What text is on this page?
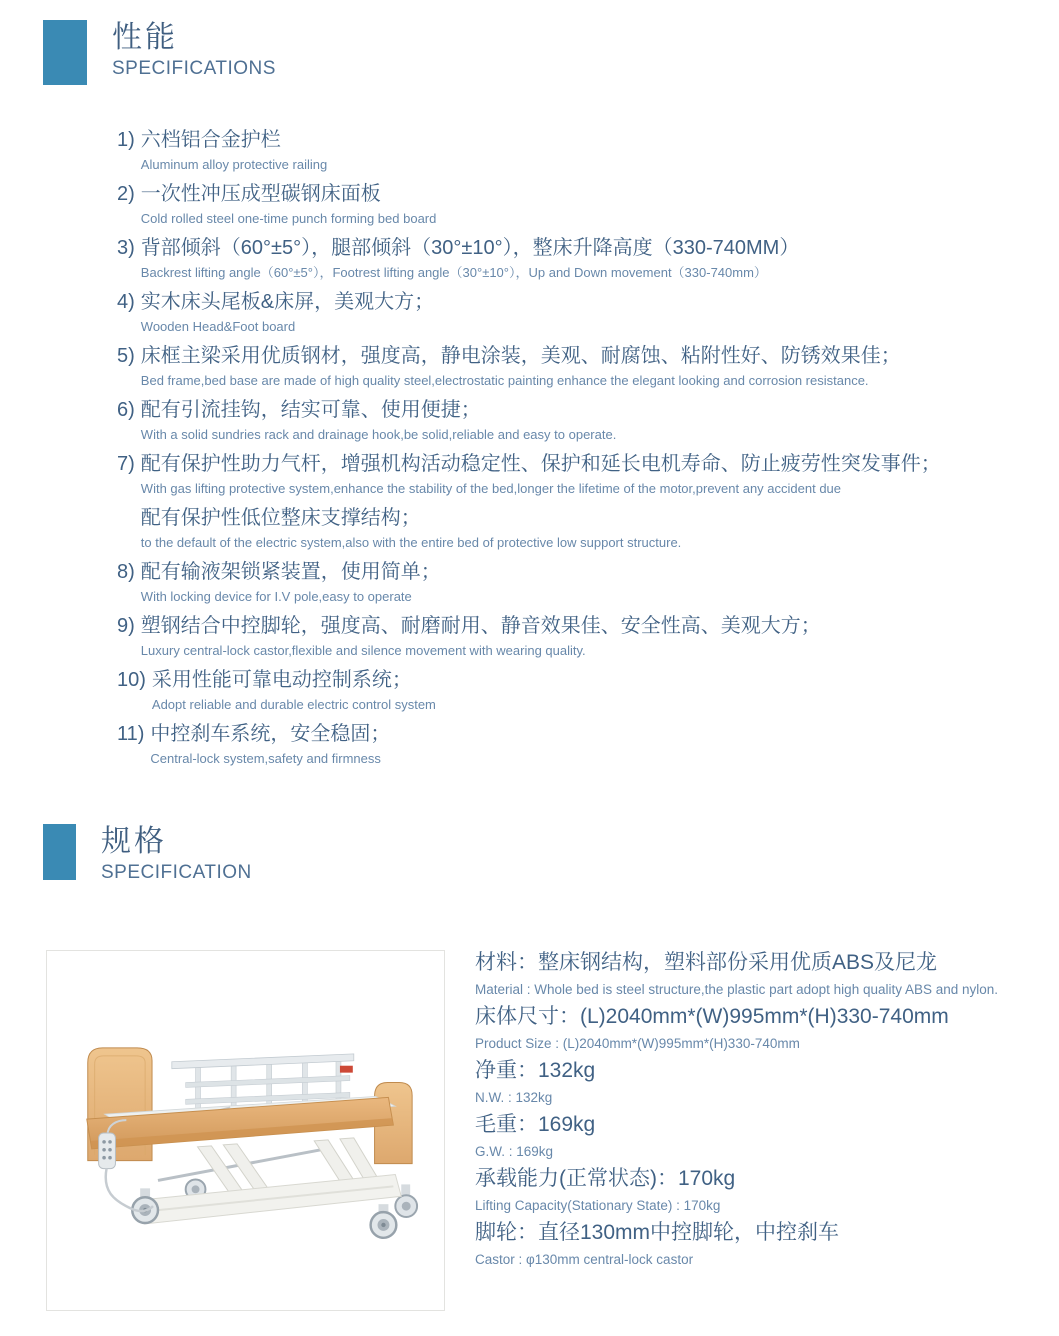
性能
SPECIFICATIONS
1) 六档铝合金护栏
Aluminum alloy protective railing
2) 一次性冲压成型碳钢床面板
Cold rolled steel one-time punch forming bed board
3) 背部倾斜（60°±5°），腿部倾斜（30°±10°），整床升降高度（330-740MM）
Backrest lifting angle（60°±5°），Footrest lifting angle（30°±10°），Up and Down movement（330-740mm）
4) 实木床头尾板&床屏，美观大方；
Wooden Head&Foot board
5) 床框主梁采用优质钢材，强度高，静电涂装，美观、耐腐蚀、粘附性好、防锈效果佳；
Bed frame,bed base are made of high quality steel,electrostatic painting enhance the elegant looking and corrosion resistance.
6) 配有引流挂钩，结实可靠、使用便捷；
With a solid sundries rack and drainage hook,be solid,reliable and easy to operate.
7) 配有保护性助力气杆，增强机构活动稳定性、保护和延长电机寿命、防止疲劳性突发事件；
With gas lifting protective system,enhance the stability of the bed,longer the lifetime of the motor,prevent any accident due
配有保护性低位整床支撑结构；
to the default of the electric system,also with the entire bed of protective low support structure.
8) 配有输液架锁紧装置，使用简单；
With locking device for I.V pole,easy to operate
9) 塑钢结合中控脚轮，强度高、耐磨耐用、静音效果佳、安全性高、美观大方；
Luxury central-lock castor,flexible and silence movement with wearing quality.
10) 采用性能可靠电动控制系统；
Adopt reliable and durable electric control system
11) 中控刹车系统，安全稳固；
Central-lock system,safety and firmness
规格
SPECIFICATION
材料：整床钢结构，塑料部份采用优质ABS及尼龙
Material : Whole bed is steel structure,the plastic part adopt high quality ABS and nylon.
床体尺寸：(L)2040mm*(W)995mm*(H)330-740mm
Product Size : (L)2040mm*(W)995mm*(H)330-740mm
净重：132kg
N.W. : 132kg
毛重：169kg
G.W. : 169kg
承载能力(正常状态)：170kg
Lifting Capacity(Stationary State) : 170kg
脚轮：直径130mm中控脚轮，中控刹车
Castor : φ130mm central-lock castor
